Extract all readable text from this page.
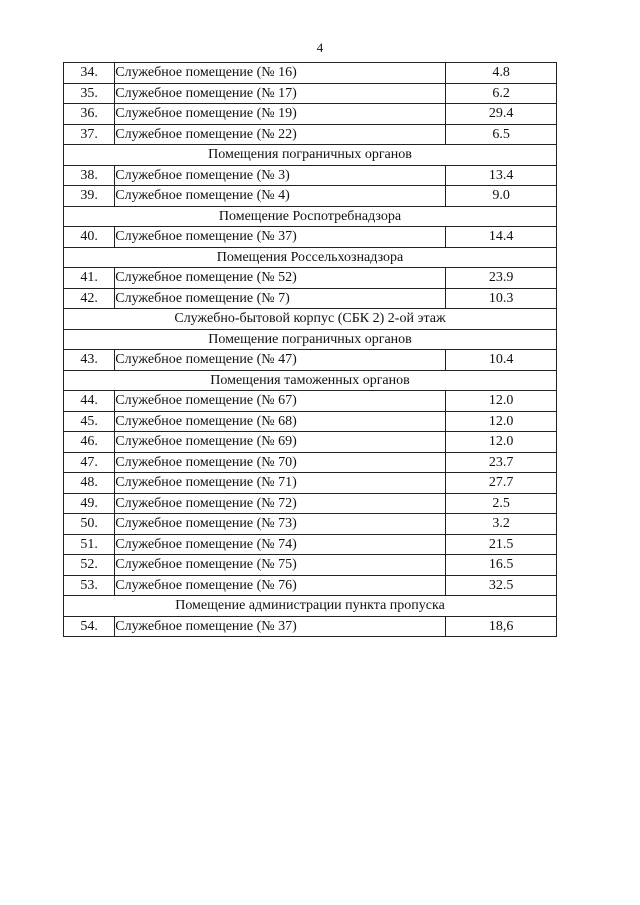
4
34.	Служебное помещение (№ 16)	4.8
35.	Служебное помещение (№ 17)	6.2
36.	Служебное помещение (№ 19)	29.4
37.	Служебное помещение (№ 22)	6.5
Помещения пограничных органов		
38.	Служебное помещение (№ 3)	13.4
39.	Служебное помещение (№ 4)	9.0
Помещение Роспотребнадзора		
40.	Служебное помещение (№ 37)	14.4
Помещения Россельхознадзора		
41.	Служебное помещение (№ 52)	23.9
42.	Служебное помещение (№ 7)	10.3
Служебно-бытовой корпус (СБК 2) 2-ой этаж		
Помещение пограничных органов		
43.	Служебное помещение (№ 47)	10.4
Помещения таможенных органов		
44.	Служебное помещение (№ 67)	12.0
45.	Служебное помещение (№ 68)	12.0
46.	Служебное помещение (№ 69)	12.0
47.	Служебное помещение (№ 70)	23.7
48.	Служебное помещение (№ 71)	27.7
49.	Служебное помещение (№ 72)	2.5
50.	Служебное помещение (№ 73)	3.2
51.	Служебное помещение (№ 74)	21.5
52.	Служебное помещение (№ 75)	16.5
53.	Служебное помещение (№ 76)	32.5
Помещение администрации пункта пропуска		
54.	Служебное помещение (№ 37)	18,6
